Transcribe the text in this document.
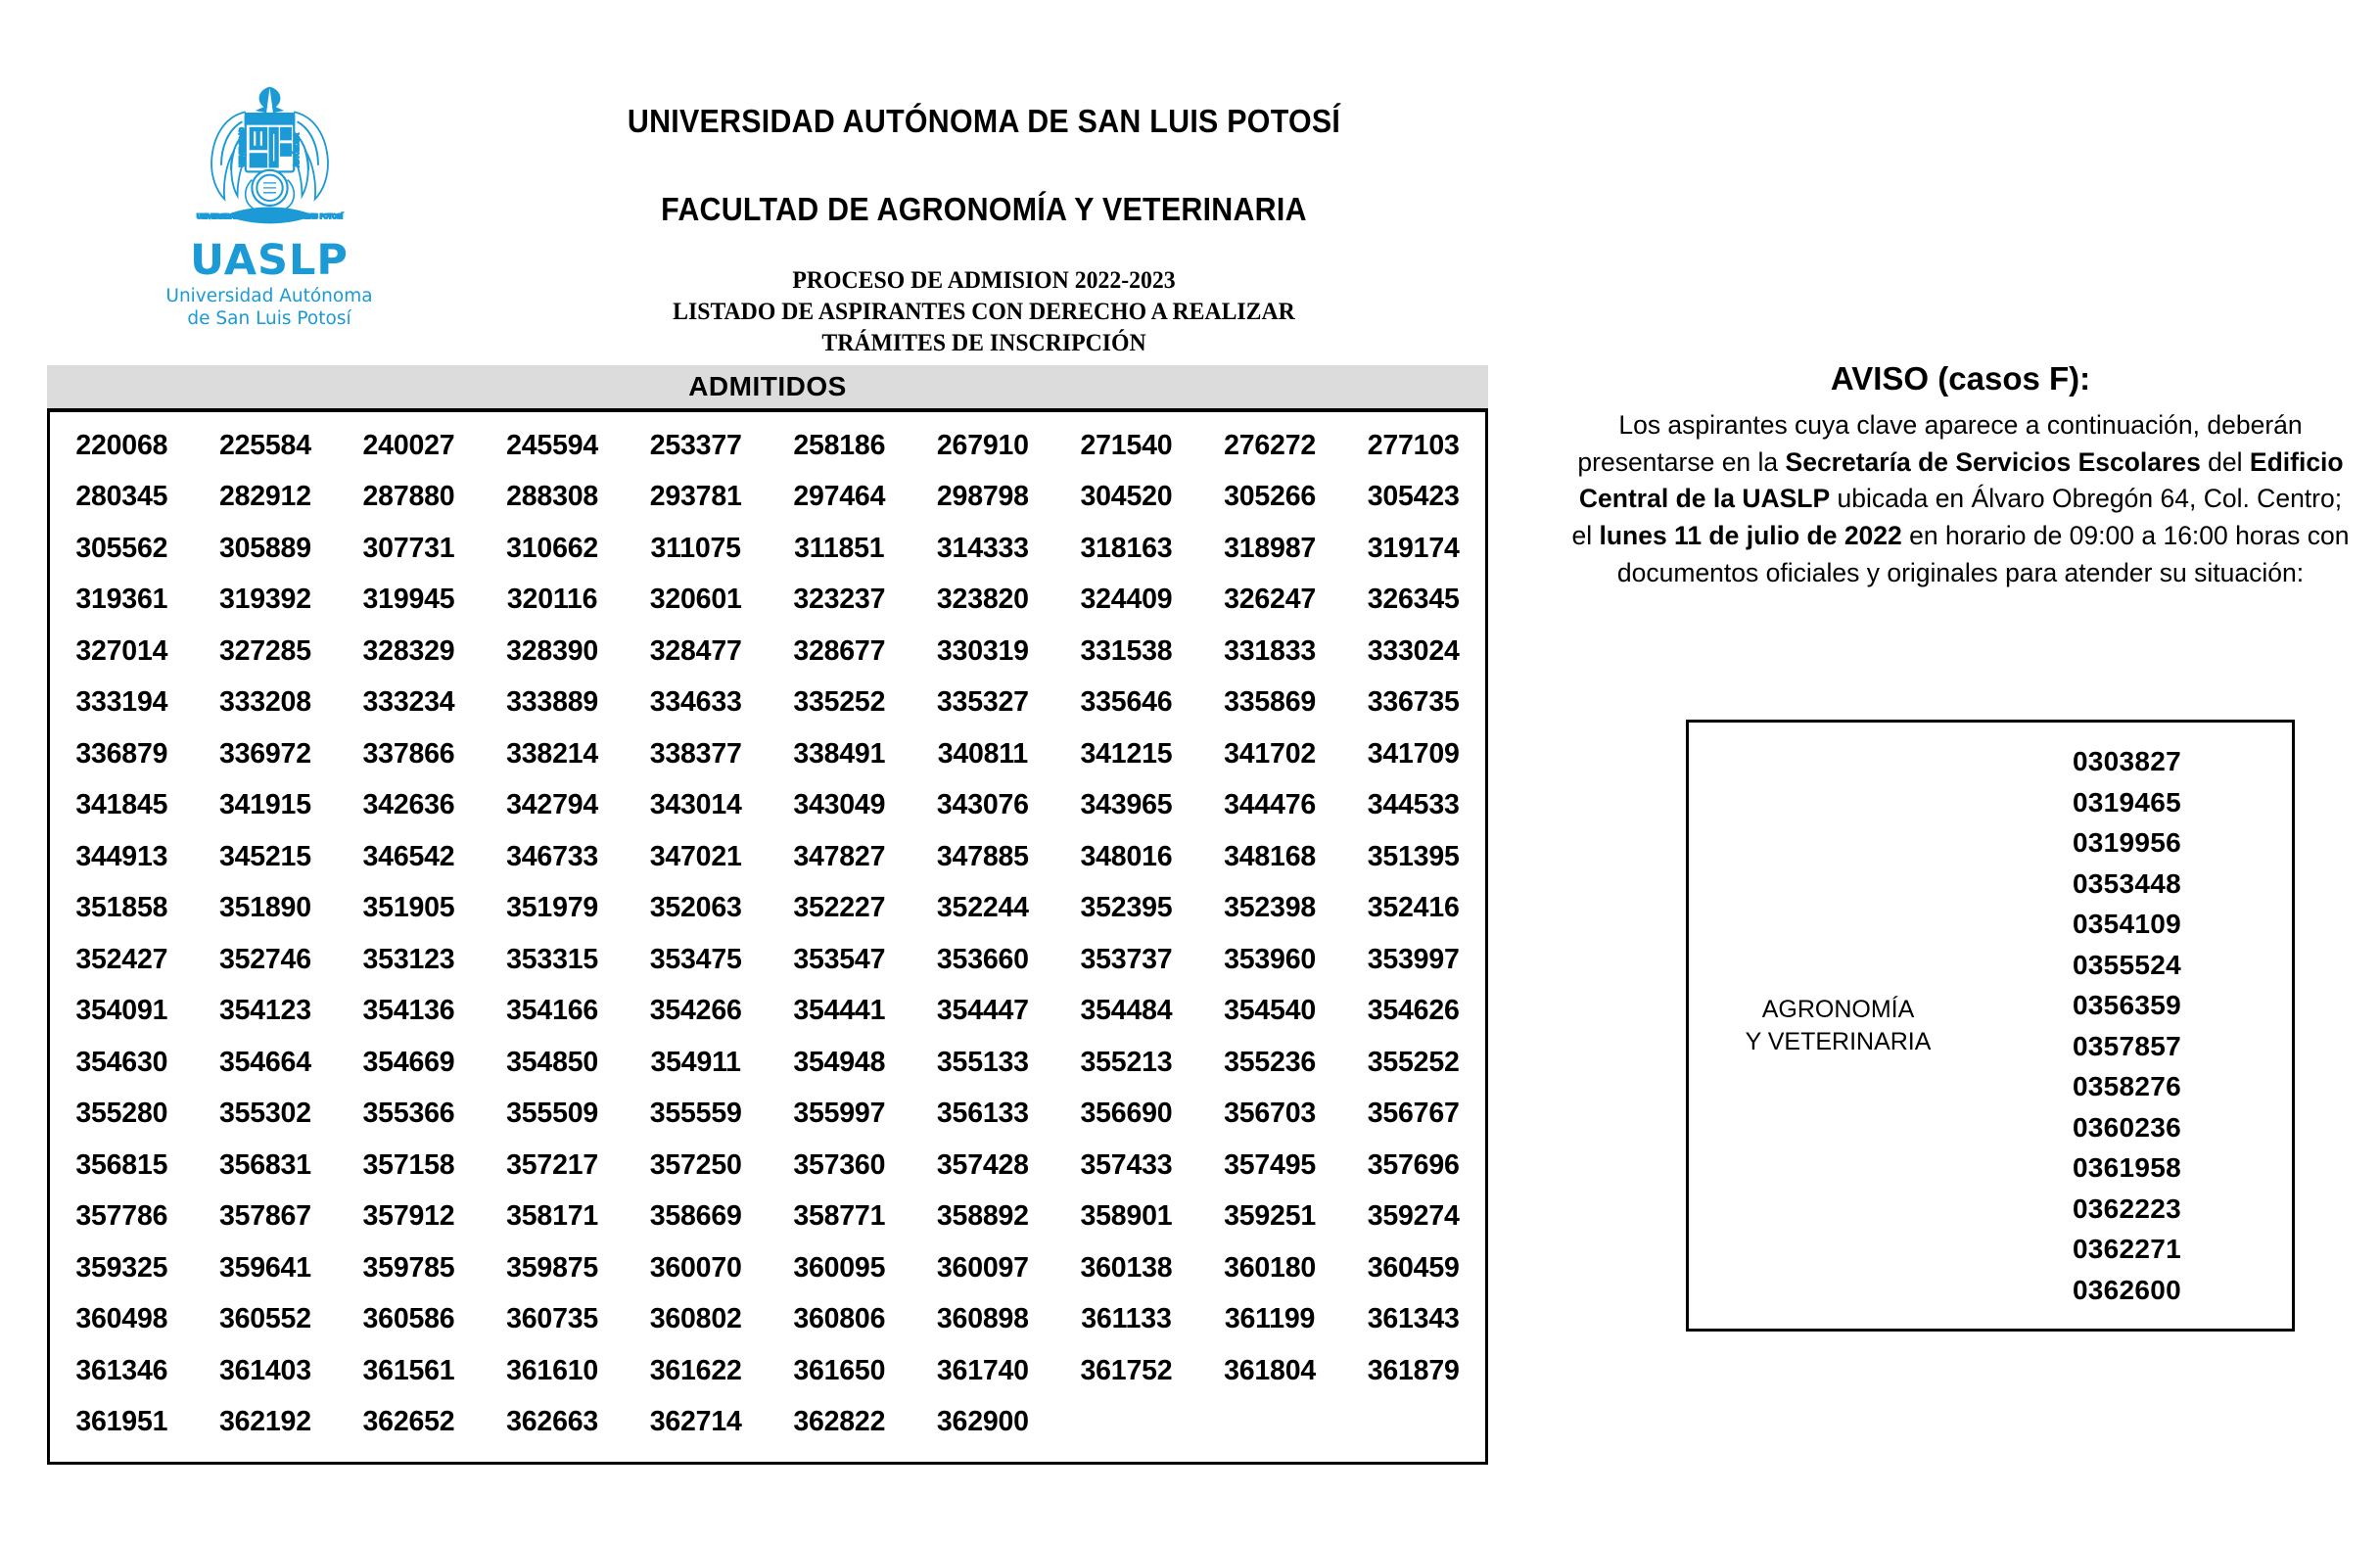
SIEMPRE
UNIVERSIDAD	AUTÓNOMA
UNIVERSIDAD AUTÓNOMA DE SAN LUIS POTOSÍ
UASLP
Universidad Autónoma
de San Luis Potosí
UNIVERSIDAD AUTÓNOMA DE SAN LUIS POTOSÍ
FACULTAD DE AGRONOMÍA Y VETERINARIA
PROCESO DE ADMISION 2022-2023
LISTADO DE ASPIRANTES CON DERECHO A REALIZAR
TRÁMITES DE INSCRIPCIÓN
ADMITIDOS
220068	225584	240027	245594	253377	258186	267910	271540	276272	277103
280345	282912	287880	288308	293781	297464	298798	304520	305266	305423
305562	305889	307731	310662	311075	311851	314333	318163	318987	319174
319361	319392	319945	320116	320601	323237	323820	324409	326247	326345
327014	327285	328329	328390	328477	328677	330319	331538	331833	333024
333194	333208	333234	333889	334633	335252	335327	335646	335869	336735
336879	336972	337866	338214	338377	338491	340811	341215	341702	341709
341845	341915	342636	342794	343014	343049	343076	343965	344476	344533
344913	345215	346542	346733	347021	347827	347885	348016	348168	351395
351858	351890	351905	351979	352063	352227	352244	352395	352398	352416
352427	352746	353123	353315	353475	353547	353660	353737	353960	353997
354091	354123	354136	354166	354266	354441	354447	354484	354540	354626
354630	354664	354669	354850	354911	354948	355133	355213	355236	355252
355280	355302	355366	355509	355559	355997	356133	356690	356703	356767
356815	356831	357158	357217	357250	357360	357428	357433	357495	357696
357786	357867	357912	358171	358669	358771	358892	358901	359251	359274
359325	359641	359785	359875	360070	360095	360097	360138	360180	360459
360498	360552	360586	360735	360802	360806	360898	361133	361199	361343
361346	361403	361561	361610	361622	361650	361740	361752	361804	361879
361951	362192	362652	362663	362714	362822	362900			
AVISO (casos F):
Los aspirantes cuya clave aparece a continuación, deberán presentarse en la Secretaría de Servicios Escolares del Edificio Central de la UASLP ubicada en Álvaro Obregón 64, Col. Centro; el lunes 11 de julio de 2022 en horario de 09:00 a 16:00 horas con documentos oficiales y originales para atender su situación:
AGRONOMÍA
Y VETERINARIA
0303827
0319465
0319956
0353448
0354109
0355524
0356359
0357857
0358276
0360236
0361958
0362223
0362271
0362600
